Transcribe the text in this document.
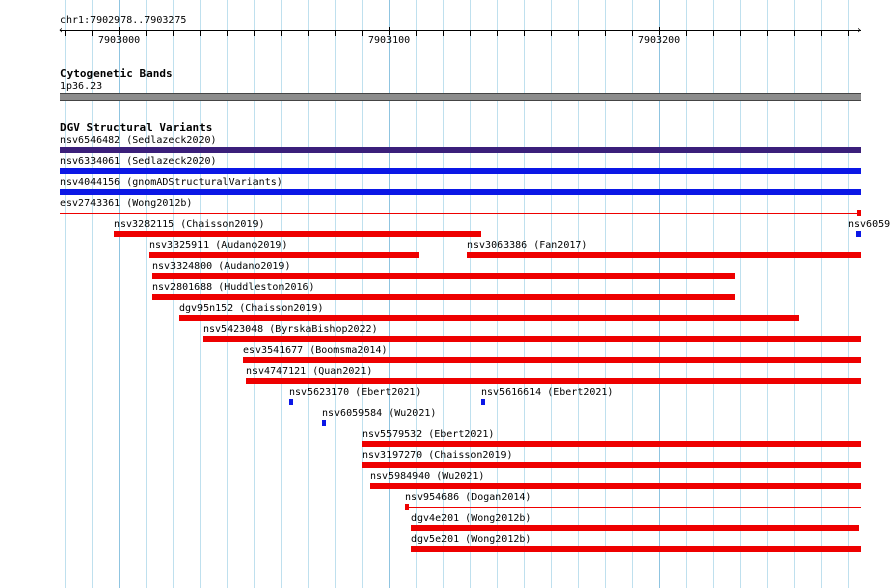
chr1:7902978..7903275
‹	›
7903000	7903100	7903200
Cytogenetic Bands
1p36.23
DGV Structural Variants
nsv6546482 (Sedlazeck2020)
nsv6334061 (Sedlazeck2020)
nsv4044156 (gnomADStructuralVariants)
esv2743361 (Wong2012b)
nsv3282115 (Chaisson2019)	nsv6059
nsv3325911 (Audano2019)	nsv3063386 (Fan2017)
nsv3324800 (Audano2019)
nsv2801688 (Huddleston2016)
dgv95n152 (Chaisson2019)
nsv5423048 (ByrskaBishop2022)
esv3541677 (Boomsma2014)
nsv4747121 (Quan2021)
nsv5623170 (Ebert2021)	nsv5616614 (Ebert2021)
nsv6059584 (Wu2021)
nsv5579532 (Ebert2021)
nsv3197270 (Chaisson2019)
nsv5984940 (Wu2021)
nsv954686 (Dogan2014)
dgv4e201 (Wong2012b)
dgv5e201 (Wong2012b)
